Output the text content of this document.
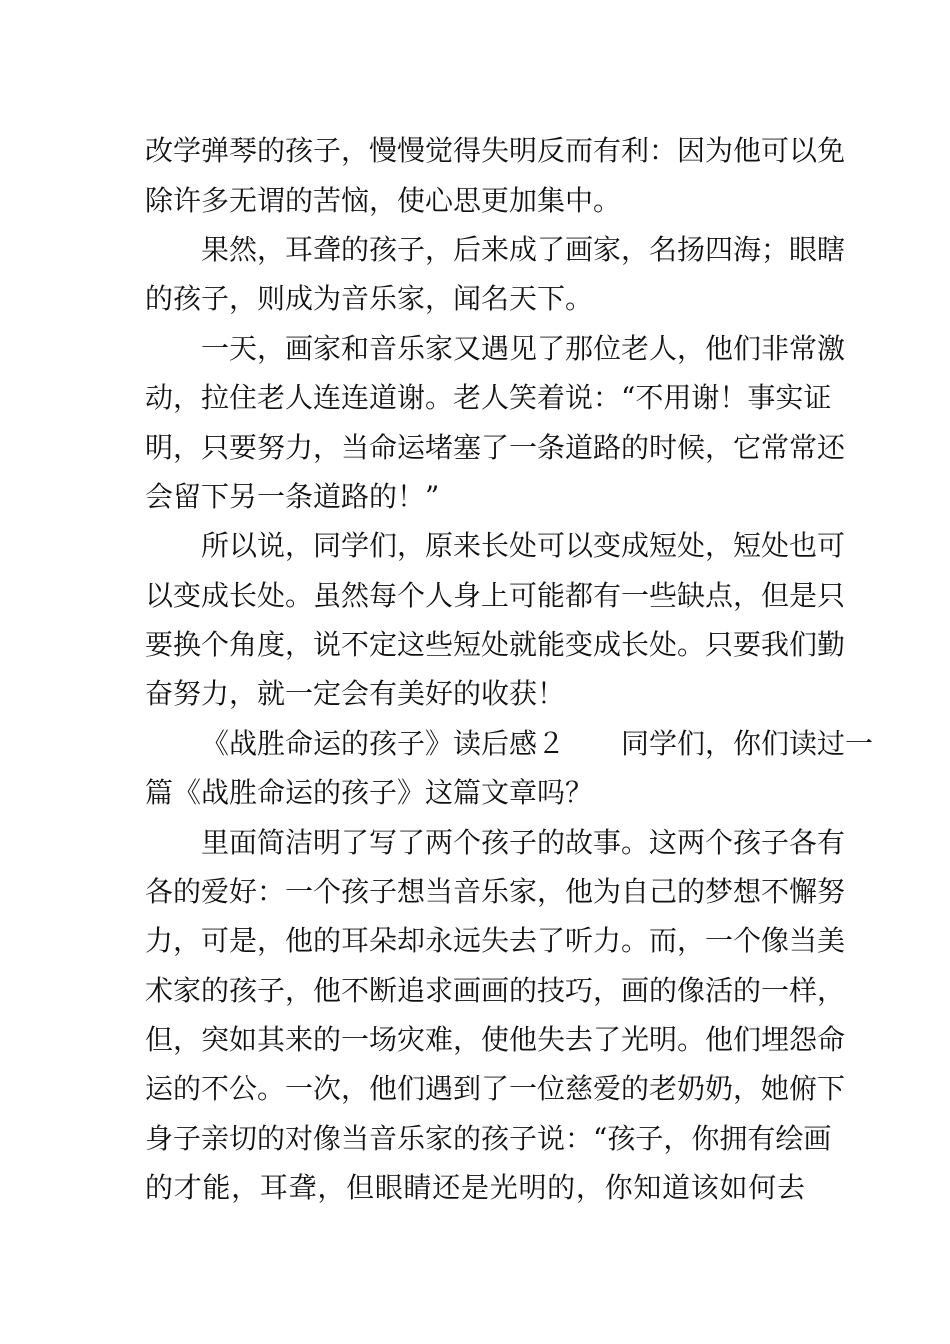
改学弹琴的孩子，慢慢觉得失明反而有利：因为他可以免
除许多无谓的苦恼，使心思更加集中。
果然，耳聋的孩子，后来成了画家，名扬四海；眼瞎
的孩子，则成为音乐家，闻名天下。
一天，画家和音乐家又遇见了那位老人，他们非常激
动，拉住老人连连道谢。老人笑着说：“不用谢！事实证
明，只要努力，当命运堵塞了一条道路的时候，它常常还
会留下另一条道路的！”
所以说，同学们，原来长处可以变成短处，短处也可
以变成长处。虽然每个人身上可能都有一些缺点，但是只
要换个角度，说不定这些短处就能变成长处。只要我们勤
奋努力，就一定会有美好的收获！
《战胜命运的孩子》读后感２　　同学们，你们读过一
篇《战胜命运的孩子》这篇文章吗？
里面简洁明了写了两个孩子的故事。这两个孩子各有
各的爱好：一个孩子想当音乐家，他为自己的梦想不懈努
力，可是，他的耳朵却永远失去了听力。而，一个像当美
术家的孩子，他不断追求画画的技巧，画的像活的一样，
但，突如其来的一场灾难，使他失去了光明。他们埋怨命
运的不公。一次，他们遇到了一位慈爱的老奶奶，她俯下
身子亲切的对像当音乐家的孩子说：“孩子，你拥有绘画
的才能，耳聋，但眼睛还是光明的，你知道该如何去
